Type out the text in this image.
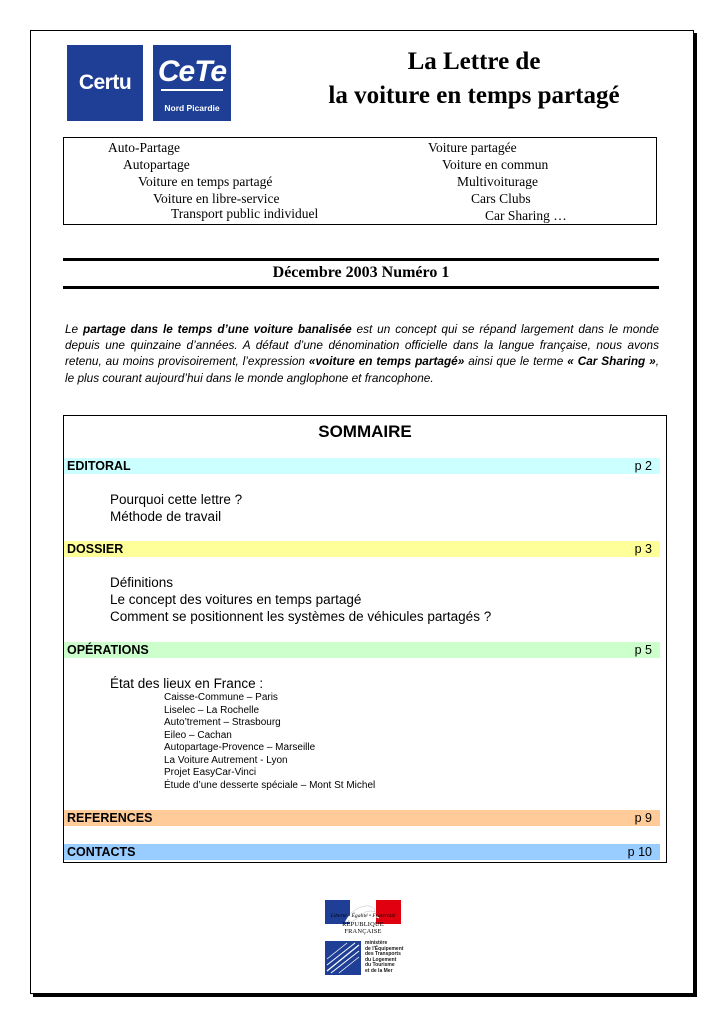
Certu CeTe
Nord Picardie
La Lettre de
la voiture en temps partagé
Auto-Partage
Autopartage
Voiture en temps partagé
Voiture en libre-service
Transport public individuel
Voiture partagée
Voiture en commun
Multivoiturage
Cars Clubs
Car Sharing …
Décembre 2003 Numéro 1
Le partage dans le temps d’une voiture banalisée est un concept qui se répand largement dans le monde depuis une quinzaine d’années. A défaut d’une dénomination officielle dans la langue française, nous avons retenu, au moins provisoirement, l’expression «voiture en temps partagé» ainsi que le terme « Car Sharing », le plus courant aujourd’hui dans le monde anglophone et francophone.
SOMMAIRE
EDITORAL	p 2
Pourquoi cette lettre ?
Méthode de travail
DOSSIER	p 3
Définitions
Le concept des voitures en temps partagé
Comment se positionnent les systèmes de véhicules partagés ?
OPÉRATIONS	p 5
État des lieux en France :
Caisse-Commune – Paris
Liselec – La Rochelle
Auto’trement – Strasbourg
Eileo – Cachan
Autopartage-Provence – Marseille
La Voiture Autrement - Lyon
Projet EasyCar-Vinci
Étude d’une desserte spéciale – Mont St Michel
REFERENCES	p 9
CONTACTS	p 10
Liberté • Égalité • Fraternité
RÉPUBLIQUE FRANÇAISE
ministère
de l'Équipement
des Transports
du Logement
du Tourisme
et de la Mer
